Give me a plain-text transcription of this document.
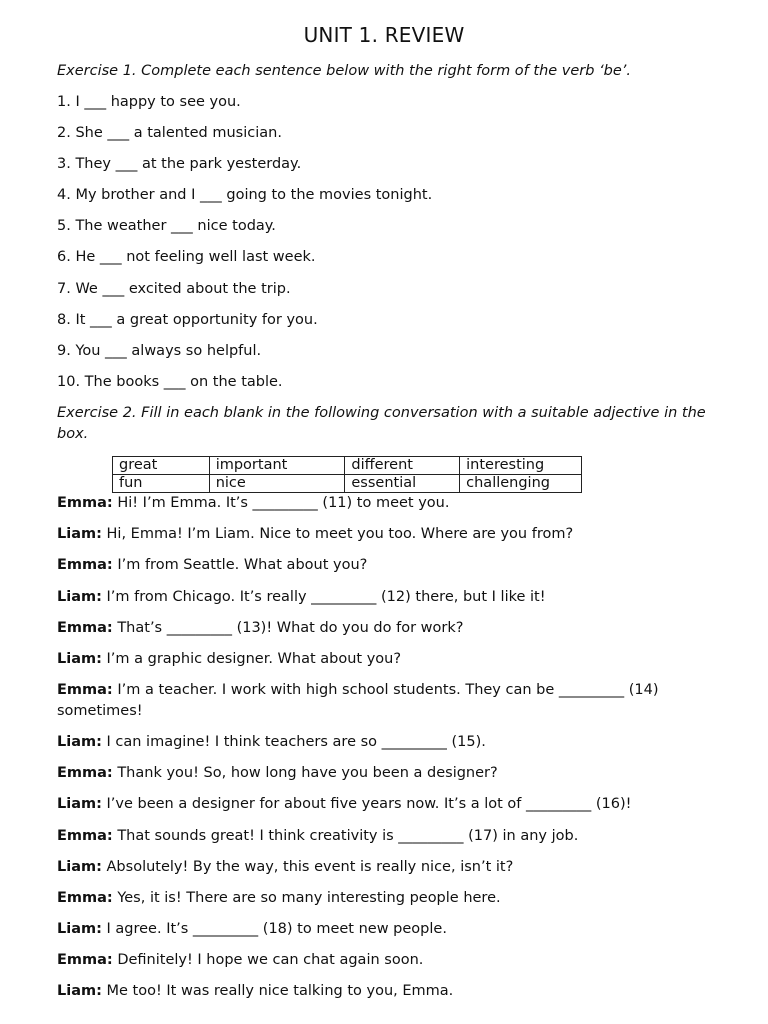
UNIT 1. REVIEW
Exercise 1. Complete each sentence below with the right form of the verb ‘be’.
1. I ___ happy to see you.
2. She ___ a talented musician.
3. They ___ at the park yesterday.
4. My brother and I ___ going to the movies tonight.
5. The weather ___ nice today.
6. He ___ not feeling well last week.
7. We ___ excited about the trip.
8. It ___ a great opportunity for you.
9. You ___ always so helpful.
10. The books ___ on the table.
Exercise 2. Fill in each blank in the following conversation with a suitable adjective in the box.
great	important	different	interesting
fun	nice	essential	challenging
Emma: Hi! I’m Emma. It’s _________ (11) to meet you.
Liam: Hi, Emma! I’m Liam. Nice to meet you too. Where are you from?
Emma: I’m from Seattle. What about you?
Liam: I’m from Chicago. It’s really _________ (12) there, but I like it!
Emma: That’s _________ (13)! What do you do for work?
Liam: I’m a graphic designer. What about you?
Emma: I’m a teacher. I work with high school students. They can be _________ (14) sometimes!
Liam: I can imagine! I think teachers are so _________ (15).
Emma: Thank you! So, how long have you been a designer?
Liam: I’ve been a designer for about five years now. It’s a lot of _________ (16)!
Emma: That sounds great! I think creativity is _________ (17) in any job.
Liam: Absolutely! By the way, this event is really nice, isn’t it?
Emma: Yes, it is! There are so many interesting people here.
Liam: I agree. It’s _________ (18) to meet new people.
Emma: Definitely! I hope we can chat again soon.
Liam: Me too! It was really nice talking to you, Emma.
